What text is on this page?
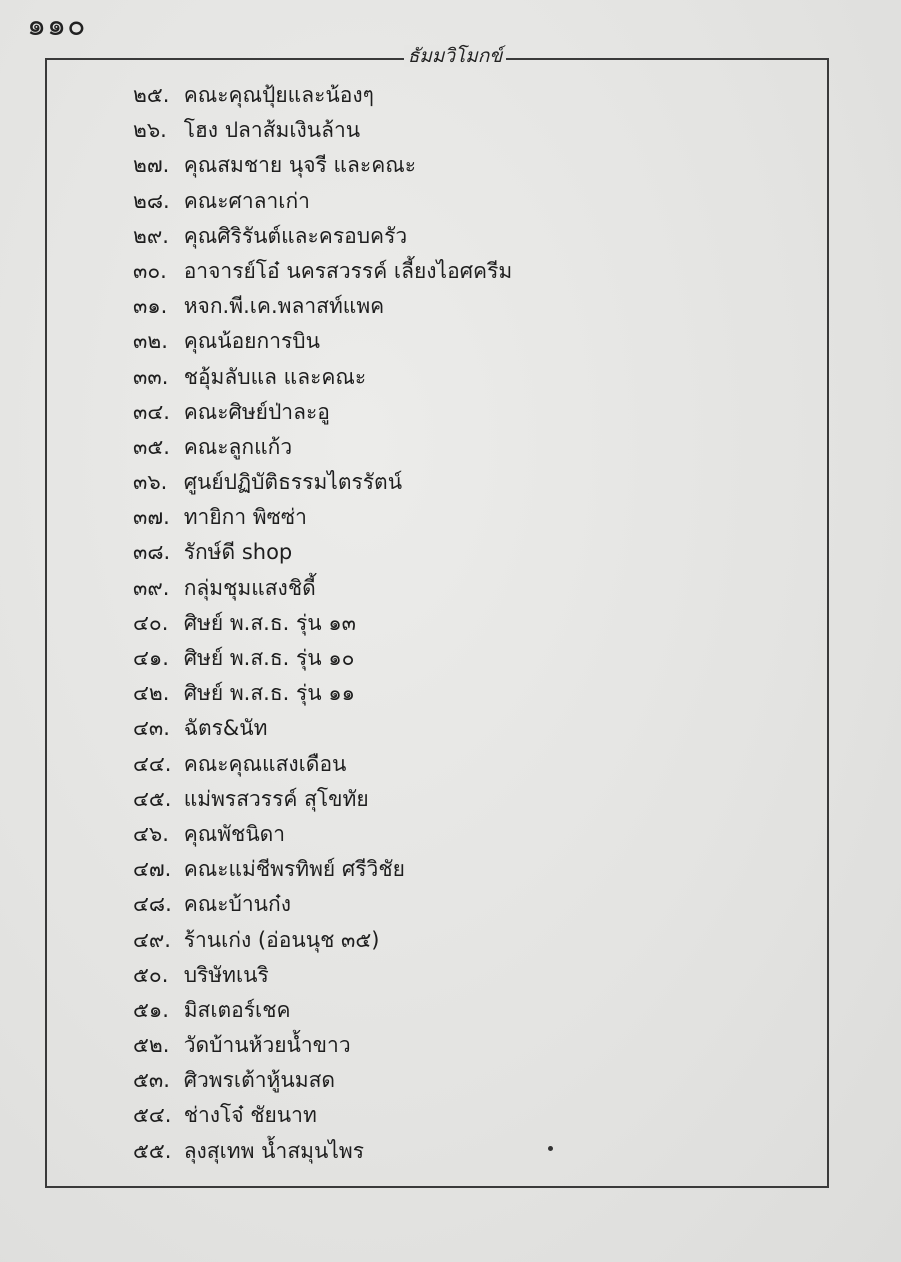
๑๑๐
ธัมมวิโมกข์
๒๕. คณะคุณปุ้ยและน้องๆ
๒๖. โฮง ปลาส้มเงินล้าน
๒๗. คุณสมชาย นุจรี และคณะ
๒๘. คณะศาลาเก่า
๒๙. คุณศิริรันต์และครอบครัว
๓๐. อาจารย์โอ๋ นครสวรรค์ เลี้ยงไอศครีม
๓๑. หจก.พี.เค.พลาสท์แพค
๓๒. คุณน้อยการบิน
๓๓. ชอุ้มลับแล และคณะ
๓๔. คณะศิษย์ป่าละอู
๓๕. คณะลูกแก้ว
๓๖. ศูนย์ปฏิบัติธรรมไตรรัตน์
๓๗. ทายิกา พิซซ่า
๓๘. รักษ์ดี shop
๓๙. กลุ่มชุมแสงชิดี้
๔๐. ศิษย์ พ.ส.ธ. รุ่น ๑๓
๔๑. ศิษย์ พ.ส.ธ. รุ่น ๑๐
๔๒. ศิษย์ พ.ส.ธ. รุ่น ๑๑
๔๓. ฉัตร&นัท
๔๔. คณะคุณแสงเดือน
๔๕. แม่พรสวรรค์ สุโขทัย
๔๖. คุณพัชนิดา
๔๗. คณะแม่ชีพรทิพย์ ศรีวิชัย
๔๘. คณะบ้านก๋ง
๔๙. ร้านเก่ง (อ่อนนุช ๓๕)
๕๐. บริษัทเนริ
๕๑. มิสเตอร์เชค
๕๒. วัดบ้านห้วยน้ำขาว
๕๓. ศิวพรเต้าหู้นมสด
๕๔. ช่างโจ๋ ชัยนาท
๕๕. ลุงสุเทพ น้ำสมุนไพร
